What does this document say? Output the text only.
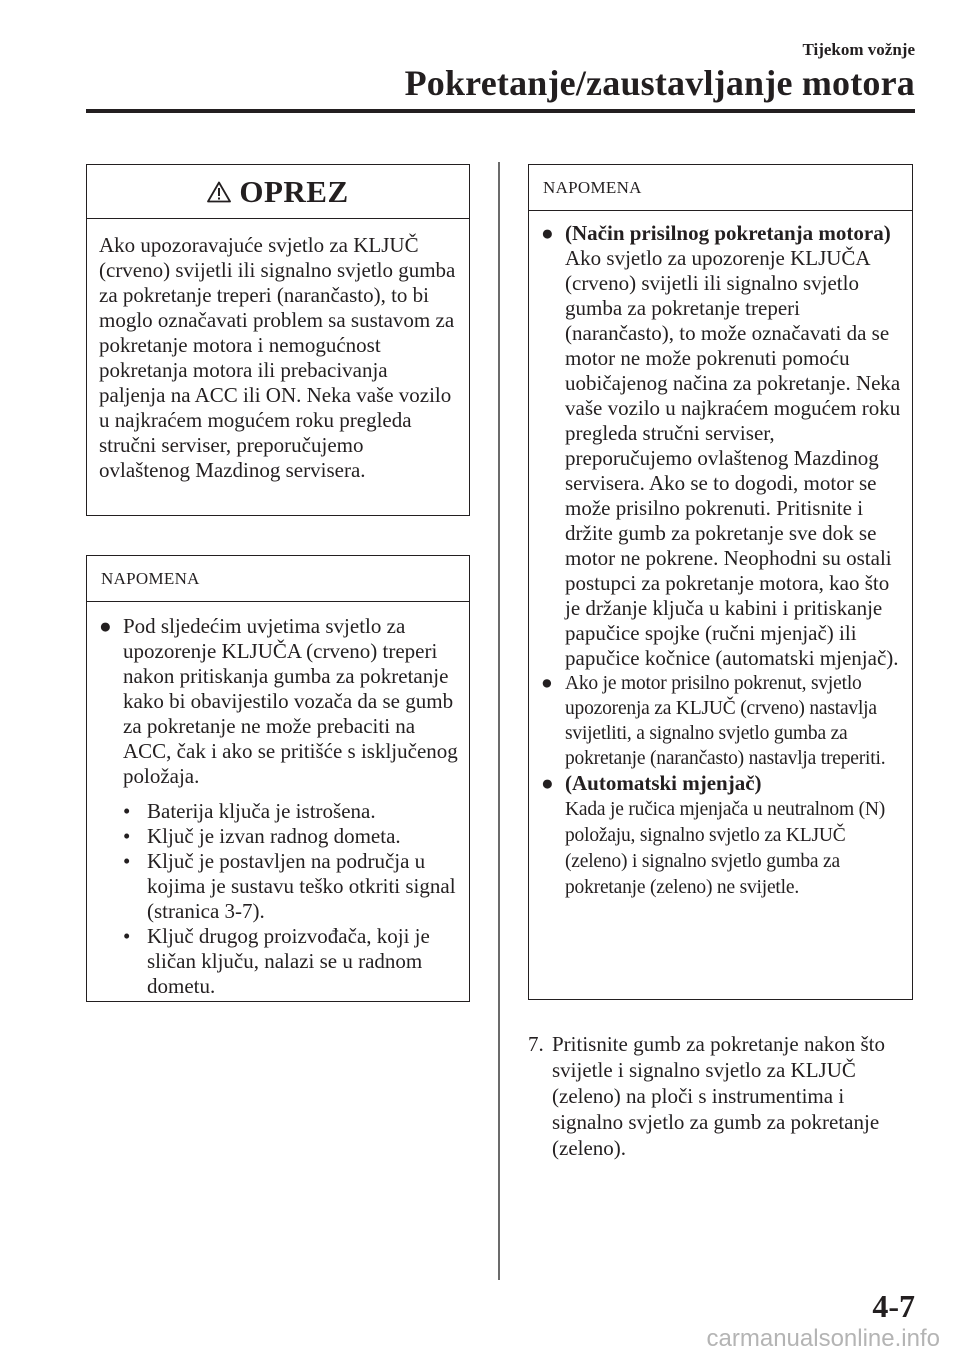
Tijekom vožnje
Pokretanje/zaustavljanje motora
OPREZ
Ako upozoravajuće svjetlo za KLJUČ (crveno) svijetli ili signalno svjetlo gumba za pokretanje treperi (narančasto), to bi moglo označavati problem sa sustavom za pokretanje motora i nemogućnost pokretanja motora ili prebacivanja paljenja na ACC ili ON. Neka vaše vozilo u najkraćem mogućem roku pregleda stručni serviser, preporučujemo ovlaštenog Mazdinog servisera.
NAPOMENA
● Pod sljedećim uvjetima svjetlo za upozorenje KLJUČA (crveno) treperi nakon pritiskanja gumba za pokretanje kako bi obavijestilo vozača da se gumb za pokretanje ne može prebaciti na ACC, čak i ako se pritišće s isključenog položaja.
• Baterija ključa je istrošena.
• Ključ je izvan radnog dometa.
• Ključ je postavljen na područja u kojima je sustavu teško otkriti signal (stranica 3-7).
• Ključ drugog proizvođača, koji je sličan ključu, nalazi se u radnom dometu.
NAPOMENA
● (Način prisilnog pokretanja motora)
Ako svjetlo za upozorenje KLJUČA (crveno) svijetli ili signalno svjetlo gumba za pokretanje treperi (narančasto), to može označavati da se motor ne može pokrenuti pomoću uobičajenog načina za pokretanje. Neka vaše vozilo u najkraćem mogućem roku pregleda stručni serviser, preporučujemo ovlaštenog Mazdinog servisera. Ako se to dogodi, motor se može prisilno pokrenuti. Pritisnite i držite gumb za pokretanje sve dok se motor ne pokrene. Neophodni su ostali postupci za pokretanje motora, kao što je držanje ključa u kabini i pritiskanje papučice spojke (ručni mjenjač) ili papučice kočnice (automatski mjenjač).
● Ako je motor prisilno pokrenut, svjetlo upozorenja za KLJUČ (crveno) nastavlja svijetliti, a signalno svjetlo gumba za pokretanje (narančasto) nastavlja treperiti.
● (Automatski mjenjač)
Kada je ručica mjenjača u neutralnom (N) položaju, signalno svjetlo za KLJUČ (zeleno) i signalno svjetlo gumba za pokretanje (zeleno) ne svijetle.
7. Pritisnite gumb za pokretanje nakon što svijetle i signalno svjetlo za KLJUČ (zeleno) na ploči s instrumentima i signalno svjetlo za gumb za pokretanje (zeleno).
4-7
carmanualsonline.info
